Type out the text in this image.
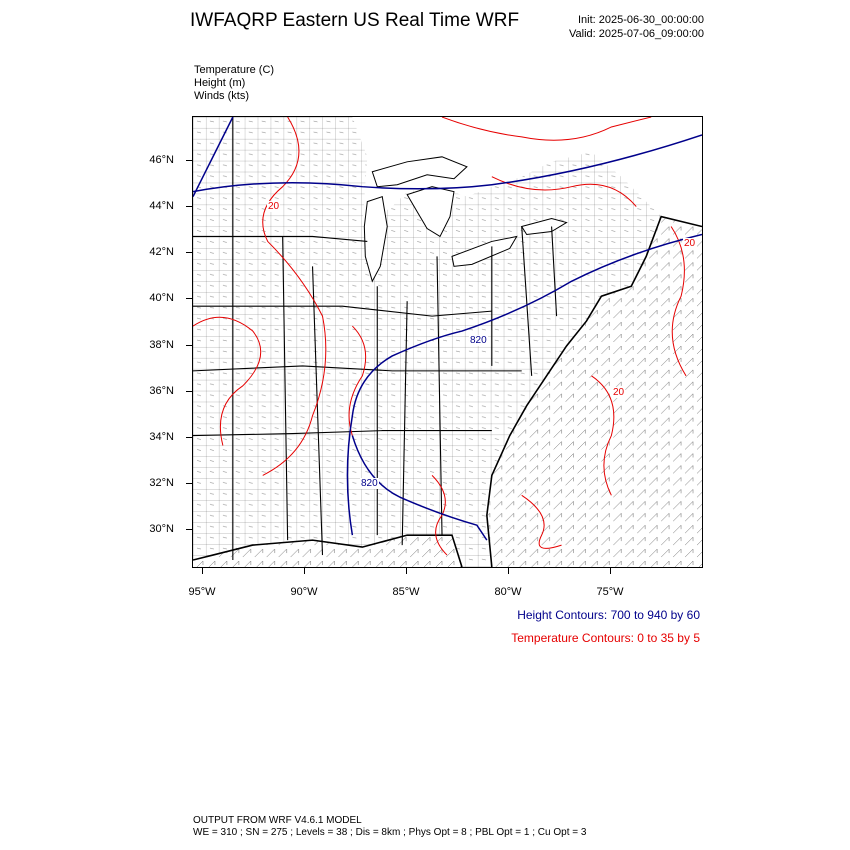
IWFAQRP Eastern US Real Time WRF	Init: 2025-06-30_00:00:00
Valid: 2025-07-06_09:00:00
Temperature (C)
Height (m)
Winds (kts)
820
820
20
20
20
46°N
44°N
42°N
40°N
38°N
36°N
34°N
32°N
30°N
95°W	90°W	85°W	80°W	75°W
Height Contours: 700 to 940 by 60
Temperature Contours: 0 to 35 by 5
OUTPUT FROM WRF V4.6.1 MODEL
WE = 310 ; SN = 275 ; Levels = 38 ; Dis = 8km ; Phys Opt = 8 ; PBL Opt = 1 ; Cu Opt = 3
